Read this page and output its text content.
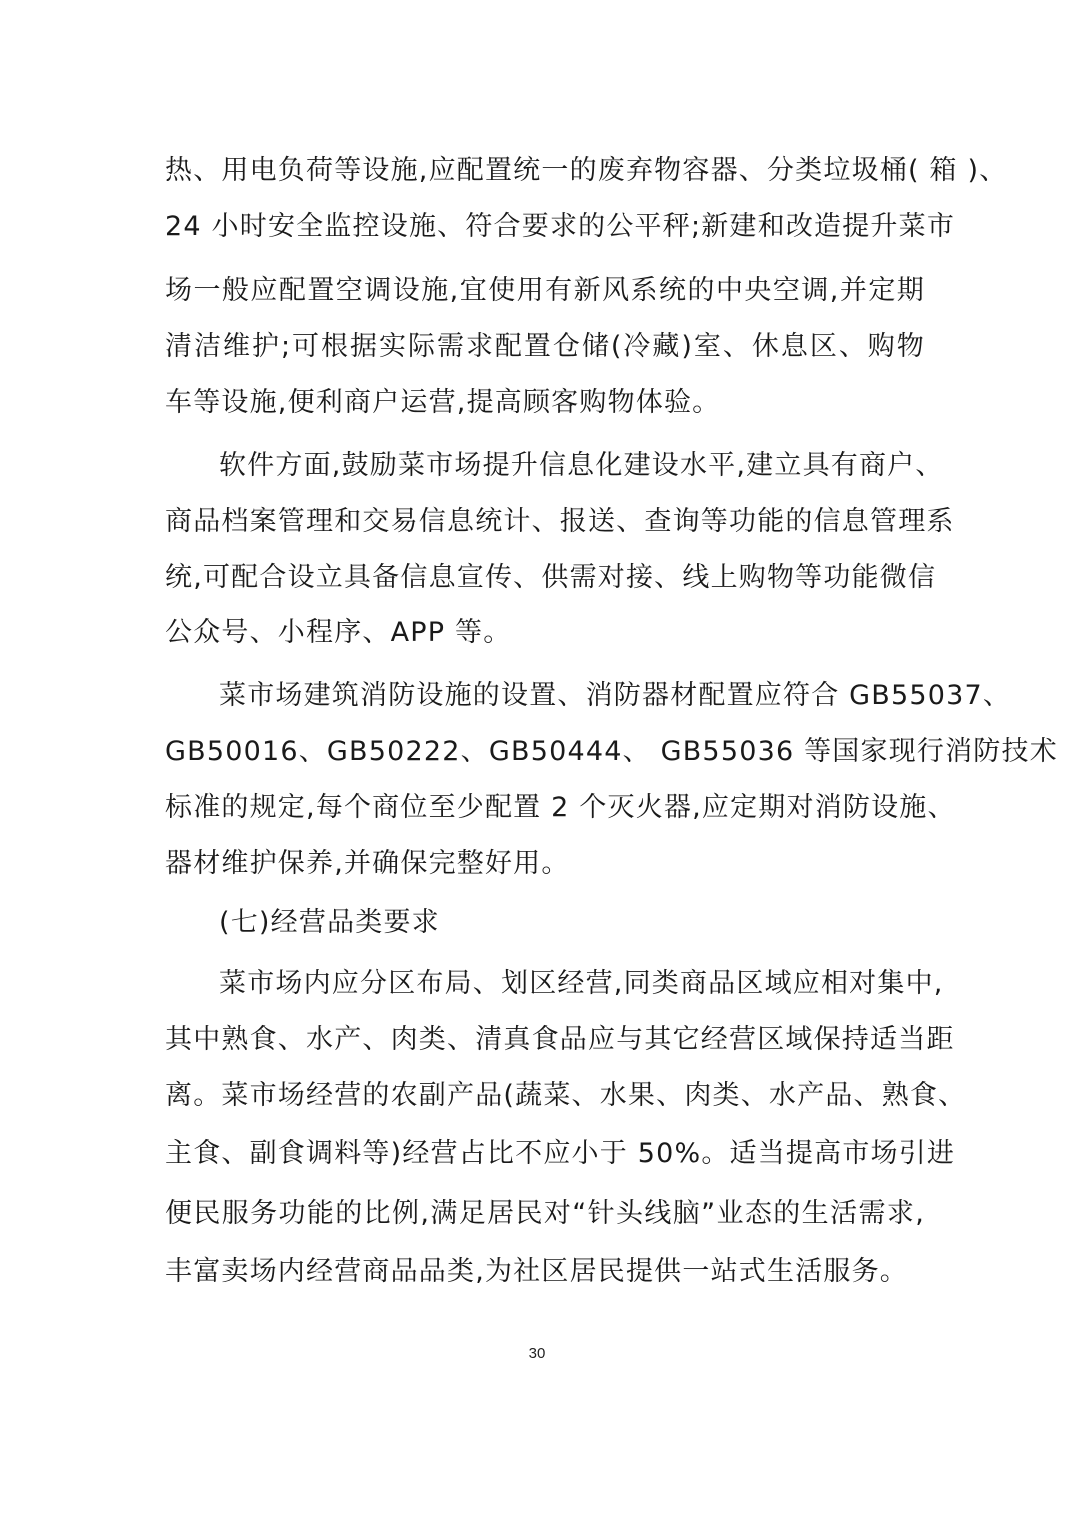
热、用电负荷等设施,应配置统一的废弃物容器、分类垃圾桶( 箱 )、
24 小时安全监控设施、符合要求的公平秤;新建和改造提升菜市
场一般应配置空调设施,宜使用有新风系统的中央空调,并定期
清洁维护;可根据实际需求配置仓储(冷藏)室、休息区、购物
车等设施,便利商户运营,提高顾客购物体验。
软件方面,鼓励菜市场提升信息化建设水平,建立具有商户、
商品档案管理和交易信息统计、报送、查询等功能的信息管理系
统,可配合设立具备信息宣传、供需对接、线上购物等功能微信
公众号、小程序、APP 等。
菜市场建筑消防设施的设置、消防器材配置应符合 GB55037、
GB50016、GB50222、GB50444、 GB55036 等国家现行消防技术
标准的规定,每个商位至少配置 2 个灭火器,应定期对消防设施、
器材维护保养,并确保完整好用。
(七)经营品类要求
菜市场内应分区布局、划区经营,同类商品区域应相对集中,
其中熟食、水产、肉类、清真食品应与其它经营区域保持适当距
离。菜市场经营的农副产品(蔬菜、水果、肉类、水产品、熟食、
主食、副食调料等)经营占比不应小于 50%。适当提高市场引进
便民服务功能的比例,满足居民对“针头线脑”业态的生活需求,
丰富卖场内经营商品品类,为社区居民提供一站式生活服务。
30
